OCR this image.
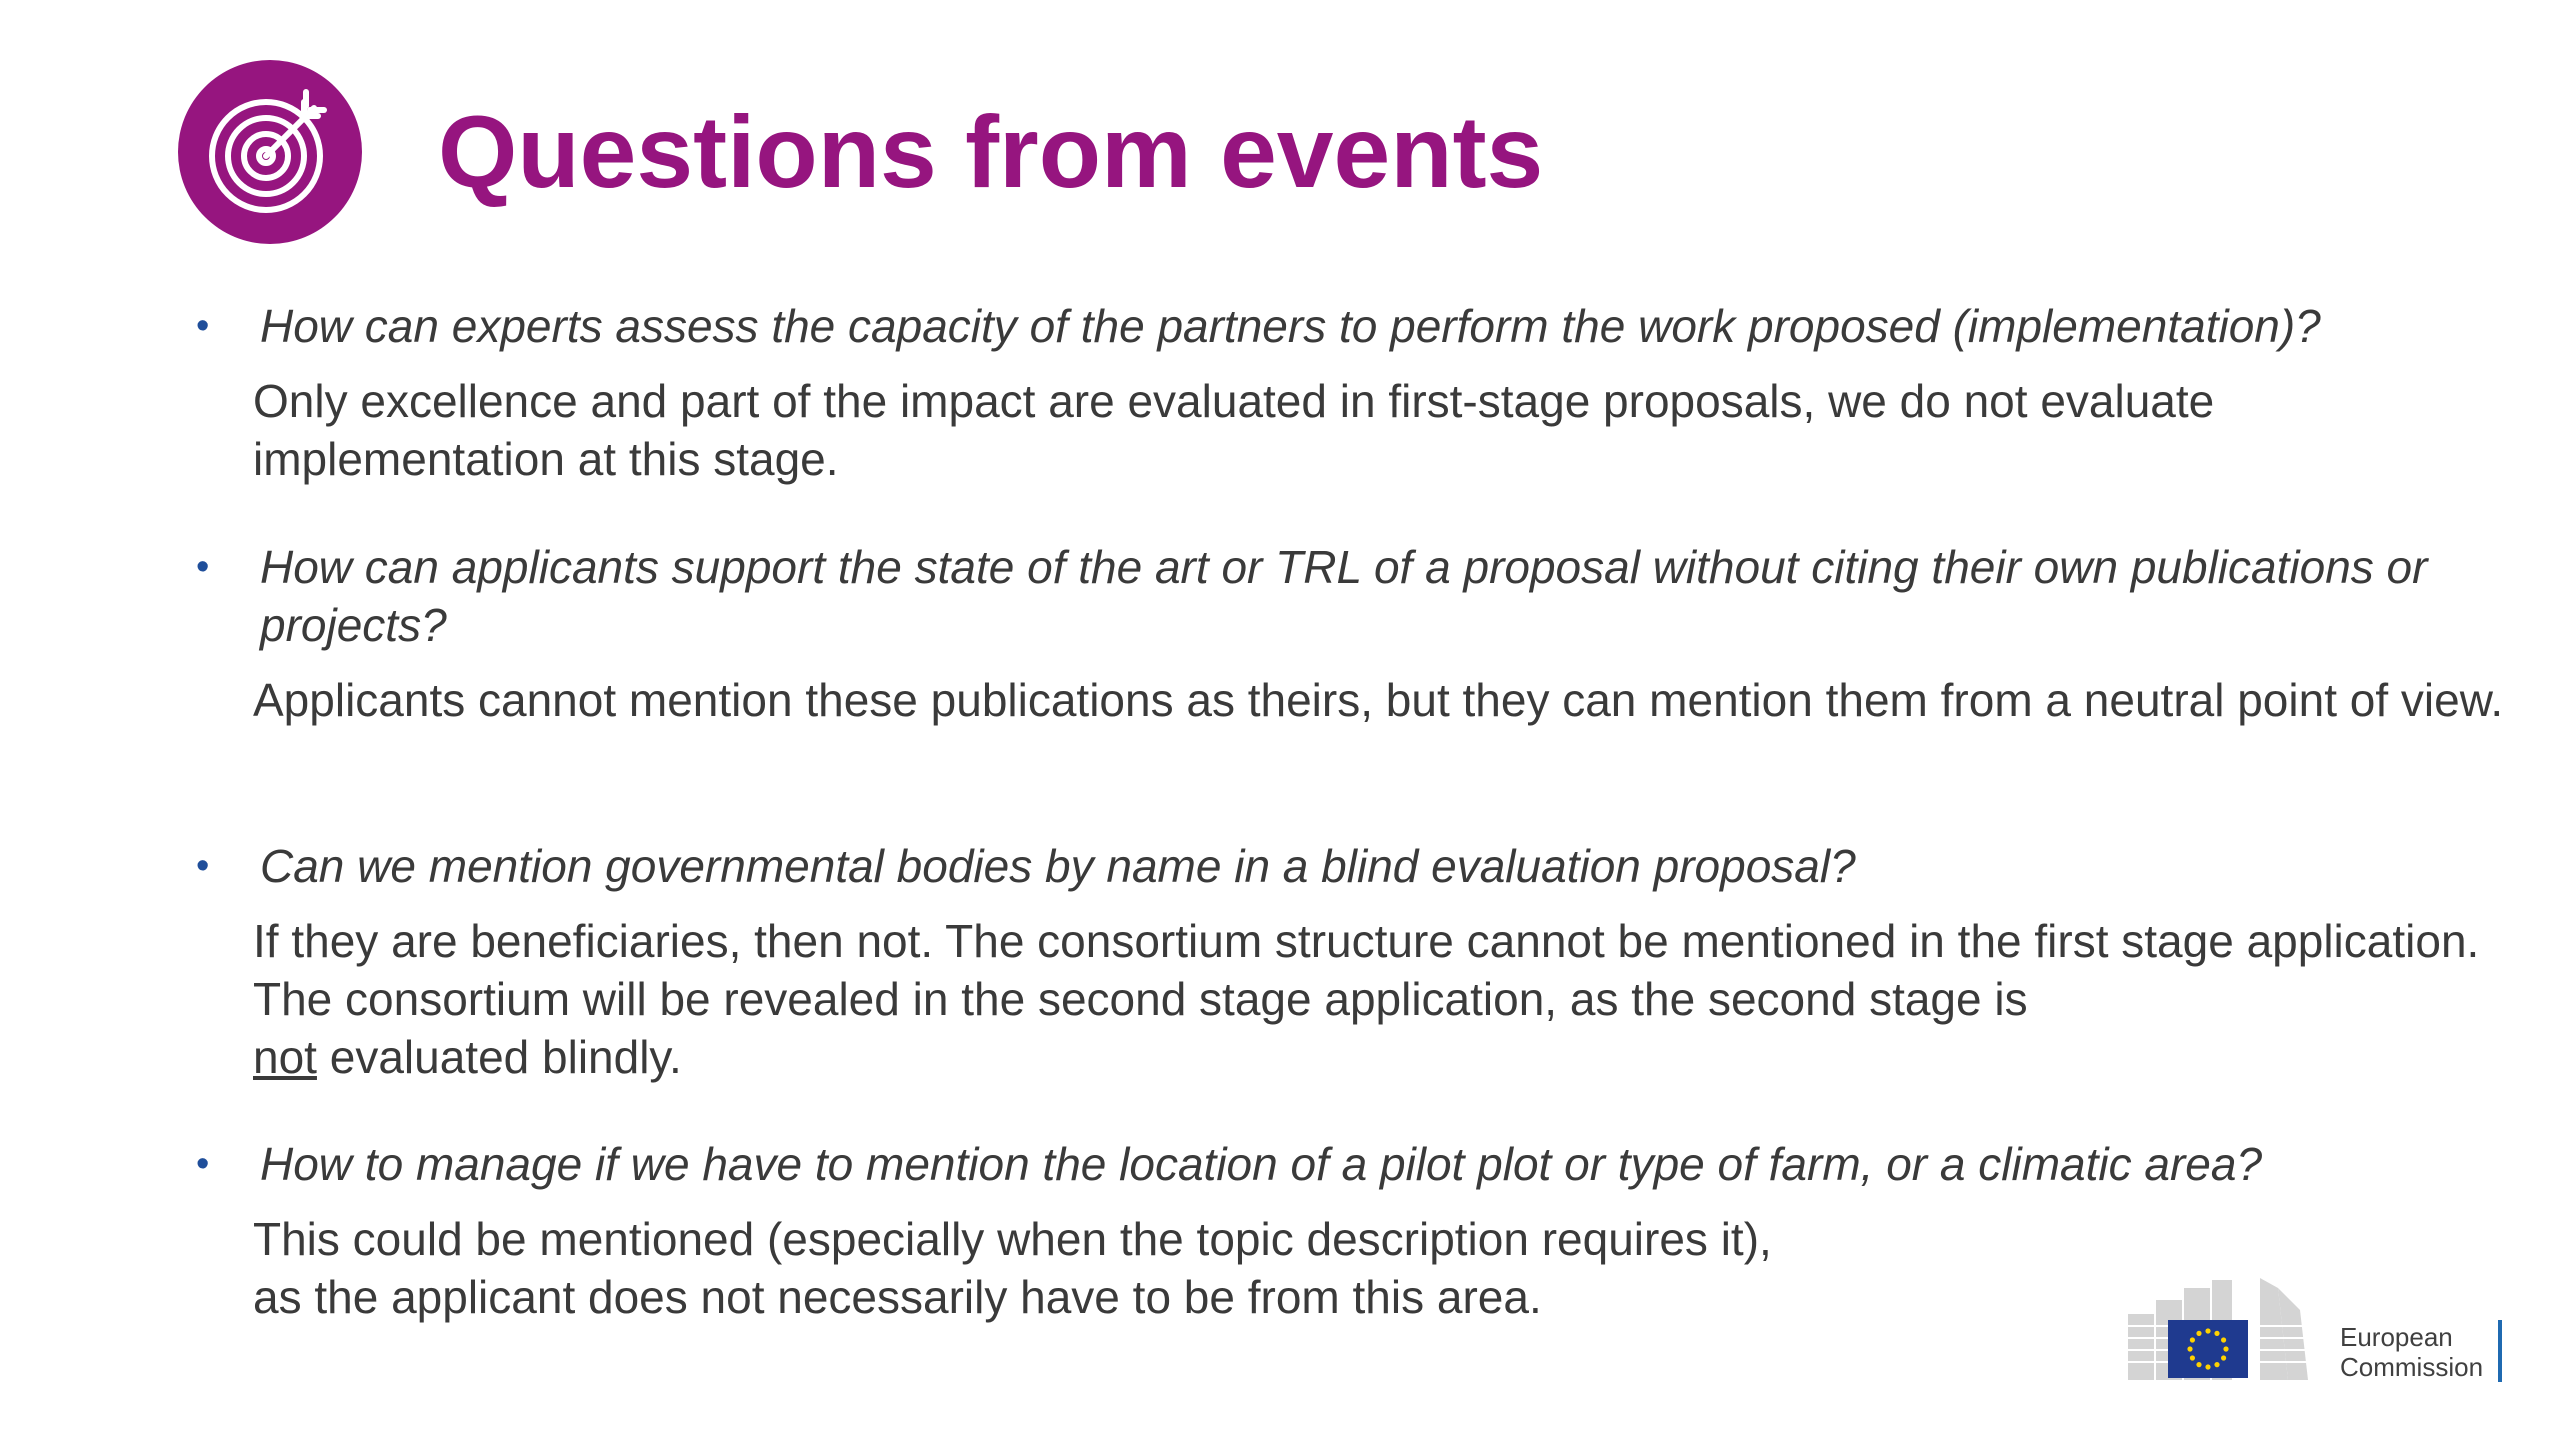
Questions from events
• How can experts assess the capacity of the partners to perform the work proposed (implementation)?

Only excellence and part of the impact are evaluated in first-stage proposals, we do not evaluate implementation at this stage.

• How can applicants support the state of the art or TRL of a proposal without citing their own publications or projects?

Applicants cannot mention these publications as theirs, but they can mention them from a neutral point of view.

• Can we mention governmental bodies by name in a blind evaluation proposal?

If they are beneficiaries, then not. The consortium structure cannot be mentioned in the first stage application. The consortium will be revealed in the second stage application, as the second stage is
not evaluated blindly.

• How to manage if we have to mention the location of a pilot plot or type of farm, or a climatic area?

This could be mentioned (especially when the topic description requires it),
as the applicant does not necessarily have to be from this area.

European
Commission
